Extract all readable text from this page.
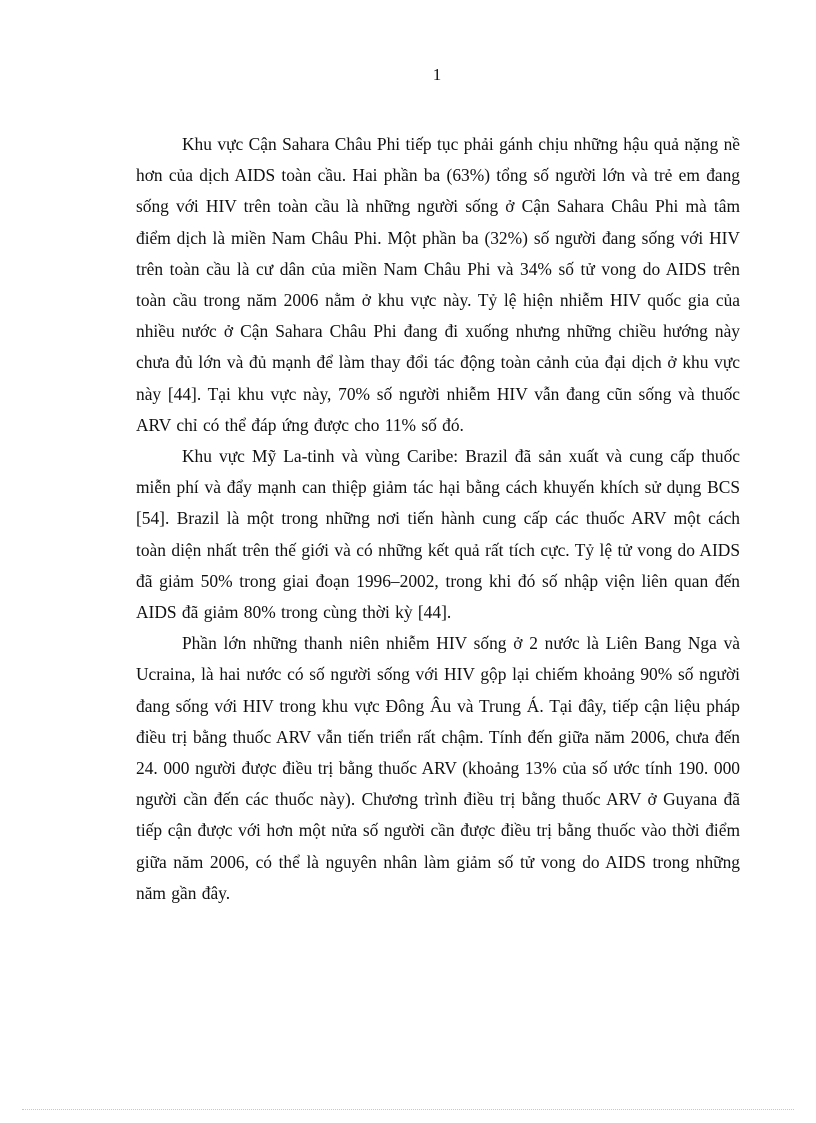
1

Khu vực Cận Sahara Châu Phi tiếp tục phải gánh chịu những hậu quả nặng nề hơn của dịch AIDS toàn cầu. Hai phần ba (63%) tổng số người lớn và trẻ em đang sống với HIV trên toàn cầu là những người sống ở Cận Sahara Châu Phi mà tâm điểm dịch là miền Nam Châu Phi. Một phần ba (32%) số người đang sống với HIV trên toàn cầu là cư dân của miền Nam Châu Phi và 34% số tử vong do AIDS trên toàn cầu trong năm 2006 nằm ở khu vực này. Tỷ lệ hiện nhiễm HIV quốc gia của nhiều nước ở Cận Sahara Châu Phi đang đi xuống nhưng những chiều hướng này chưa đủ lớn và đủ mạnh để làm thay đổi tác động toàn cảnh của đại dịch ở khu vực này [44]. Tại khu vực này, 70% số người nhiễm HIV vẫn đang cũn sống và thuốc ARV chỉ có thể đáp ứng được cho 11% số đó.

Khu vực Mỹ La-tinh và vùng Caribe: Brazil đã sản xuất và cung cấp thuốc miễn phí và đẩy mạnh can thiệp giảm tác hại bằng cách khuyến khích sử dụng BCS [54]. Brazil là một trong những nơi tiến hành cung cấp các thuốc ARV một cách toàn diện nhất trên thế giới và có những kết quả rất tích cực. Tỷ lệ tử vong do AIDS đã giảm 50% trong giai đoạn 1996–2002, trong khi đó số nhập viện liên quan đến AIDS đã giảm 80% trong cùng thời kỳ [44].

Phần lớn những thanh niên nhiễm HIV sống ở 2 nước là Liên Bang Nga và Ucraina, là hai nước có số người sống với HIV gộp lại chiếm khoảng 90% số người đang sống với HIV trong khu vực Đông Âu và Trung Á. Tại đây, tiếp cận liệu pháp điều trị bằng thuốc ARV vẫn tiến triển rất chậm. Tính đến giữa năm 2006, chưa đến 24. 000 người được điều trị bằng thuốc ARV (khoảng 13% của số ước tính 190. 000 người cần đến các thuốc này). Chương trình điều trị bằng thuốc ARV ở Guyana đã tiếp cận được với hơn một nửa số người cần được điều trị bằng thuốc vào thời điểm giữa năm 2006, có thể là nguyên nhân làm giảm số tử vong do AIDS trong những năm gần đây.
